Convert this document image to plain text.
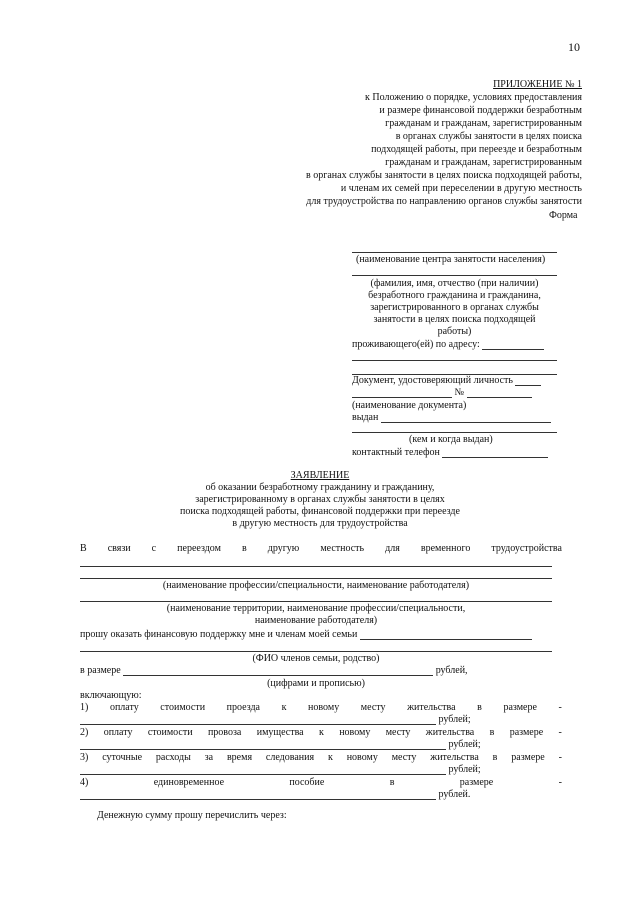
10
ПРИЛОЖЕНИЕ № 1
к Положению о порядке, условиях предоставления
и размере финансовой поддержки безработным
гражданам и гражданам, зарегистрированным
в органах службы занятости в целях поиска
подходящей работы, при переезде и безработным
гражданам и гражданам, зарегистрированным
в органах службы занятости в целях поиска подходящей работы,
и членам их семей при переселении в другую местность
для трудоустройства по направлению органов службы занятости
Форма
(наименование центра занятости населения)
(фамилия, имя, отчество (при наличии)
безработного гражданина и гражданина,
зарегистрированного в органах службы
занятости в целях поиска подходящей
работы)
проживающего(ей) по адресу:
Документ, удостоверяющий личность
№
(наименование документа)
выдан
(кем и когда выдан)
контактный телефон
ЗАЯВЛЕНИЕ
об оказании безработному гражданину и гражданину,
зарегистрированному в органах службы занятости в целях
поиска подходящей работы, финансовой поддержки при переезде
в другую местность для трудоустройства
В связи с переездом в другую местность для временного трудоустройства
(наименование профессии/специальности, наименование работодателя)
(наименование территории, наименование профессии/специальности,
наименование работодателя)
прошу оказать финансовую поддержку мне и членам моей семьи
(ФИО членов семьи, родство)
в размере	рублей,
(цифрами и прописью)
включающую:
1) оплату стоимости проезда к новому месту жительства в размере -
рублей;
2) оплату стоимости провоза имущества к новому месту жительства в размере -
рублей;
3) суточные расходы за время следования к новому месту жительства в размере -
рублей;
4)	единовременное	пособие	в	размере	-
рублей.
Денежную сумму прошу перечислить через:
